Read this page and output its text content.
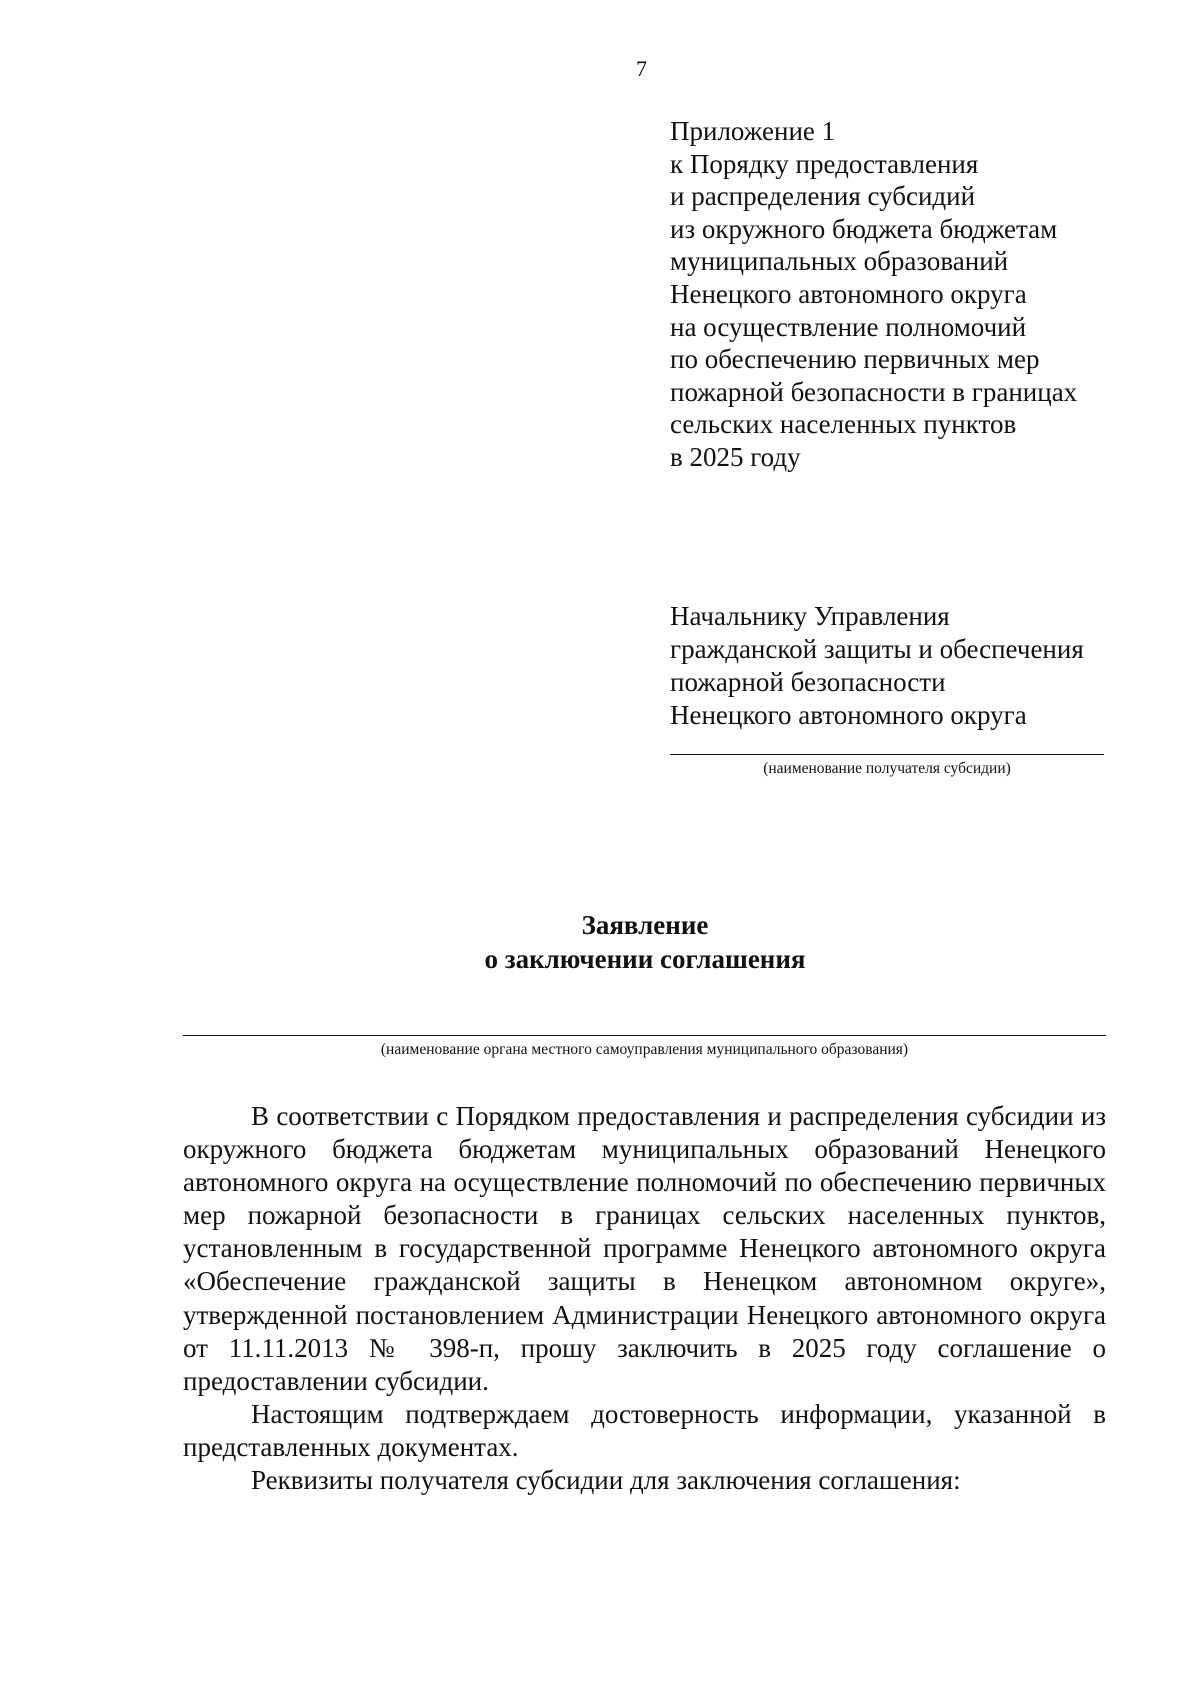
7
Приложение 1
к Порядку предоставления
и распределения субсидий
из окружного бюджета бюджетам
муниципальных образований
Ненецкого автономного округа
на осуществление полномочий
по обеспечению первичных мер
пожарной безопасности в границах
сельских населенных пунктов
в 2025 году
Начальнику Управления
гражданской защиты и обеспечения
пожарной безопасности
Ненецкого автономного округа
(наименование получателя субсидии)
Заявление
о заключении соглашения
(наименование органа местного самоуправления муниципального образования)

В соответствии с Порядком предоставления и распределения субсидии из окружного бюджета бюджетам муниципальных образований Ненецкого автономного округа на осуществление полномочий по обеспечению первичных мер пожарной безопасности в границах сельских населенных пунктов, установленным в государственной программе Ненецкого автономного округа «Обеспечение гражданской защиты в Ненецком автономном округе», утвержденной постановлением Администрации Ненецкого автономного округа от 11.11.2013 № 398-п, прошу заключить в 2025 году соглашение о предоставлении субсидии.

Настоящим подтверждаем достоверность информации, указанной в представленных документах.

Реквизиты получателя субсидии для заключения соглашения:
